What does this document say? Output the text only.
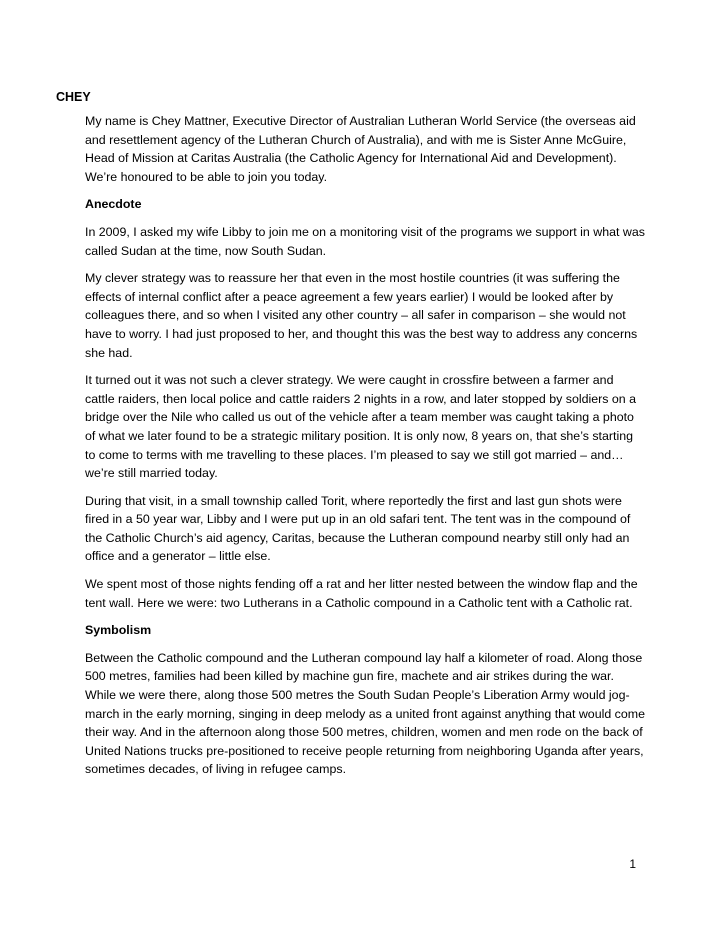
CHEY

My name is Chey Mattner, Executive Director of Australian Lutheran World Service (the overseas aid and resettlement agency of the Lutheran Church of Australia), and with me is Sister Anne McGuire, Head of Mission at Caritas Australia (the Catholic Agency for International Aid and Development). We’re honoured to be able to join you today.

Anecdote

In 2009, I asked my wife Libby to join me on a monitoring visit of the programs we support in what was called Sudan at the time, now South Sudan.

My clever strategy was to reassure her that even in the most hostile countries (it was suffering the effects of internal conflict after a peace agreement a few years earlier) I would be looked after by colleagues there, and so when I visited any other country – all safer in comparison – she would not have to worry. I had just proposed to her, and thought this was the best way to address any concerns she had.

It turned out it was not such a clever strategy. We were caught in crossfire between a farmer and cattle raiders, then local police and cattle raiders 2 nights in a row, and later stopped by soldiers on a bridge over the Nile who called us out of the vehicle after a team member was caught taking a photo of what we later found to be a strategic military position. It is only now, 8 years on, that she’s starting to come to terms with me travelling to these places. I’m pleased to say we still got married – and… we’re still married today.

During that visit, in a small township called Torit, where reportedly the first and last gun shots were fired in a 50 year war, Libby and I were put up in an old safari tent. The tent was in the compound of the Catholic Church’s aid agency, Caritas, because the Lutheran compound nearby still only had an office and a generator – little else.

We spent most of those nights fending off a rat and her litter nested between the window flap and the tent wall. Here we were: two Lutherans in a Catholic compound in a Catholic tent with a Catholic rat.

Symbolism

Between the Catholic compound and the Lutheran compound lay half a kilometer of road. Along those 500 metres, families had been killed by machine gun fire, machete and air strikes during the war. While we were there, along those 500 metres the South Sudan People’s Liberation Army would jog-march in the early morning, singing in deep melody as a united front against anything that would come their way. And in the afternoon along those 500 metres, children, women and men rode on the back of United Nations trucks pre-positioned to receive people returning from neighboring Uganda after years, sometimes decades, of living in refugee camps.

1
